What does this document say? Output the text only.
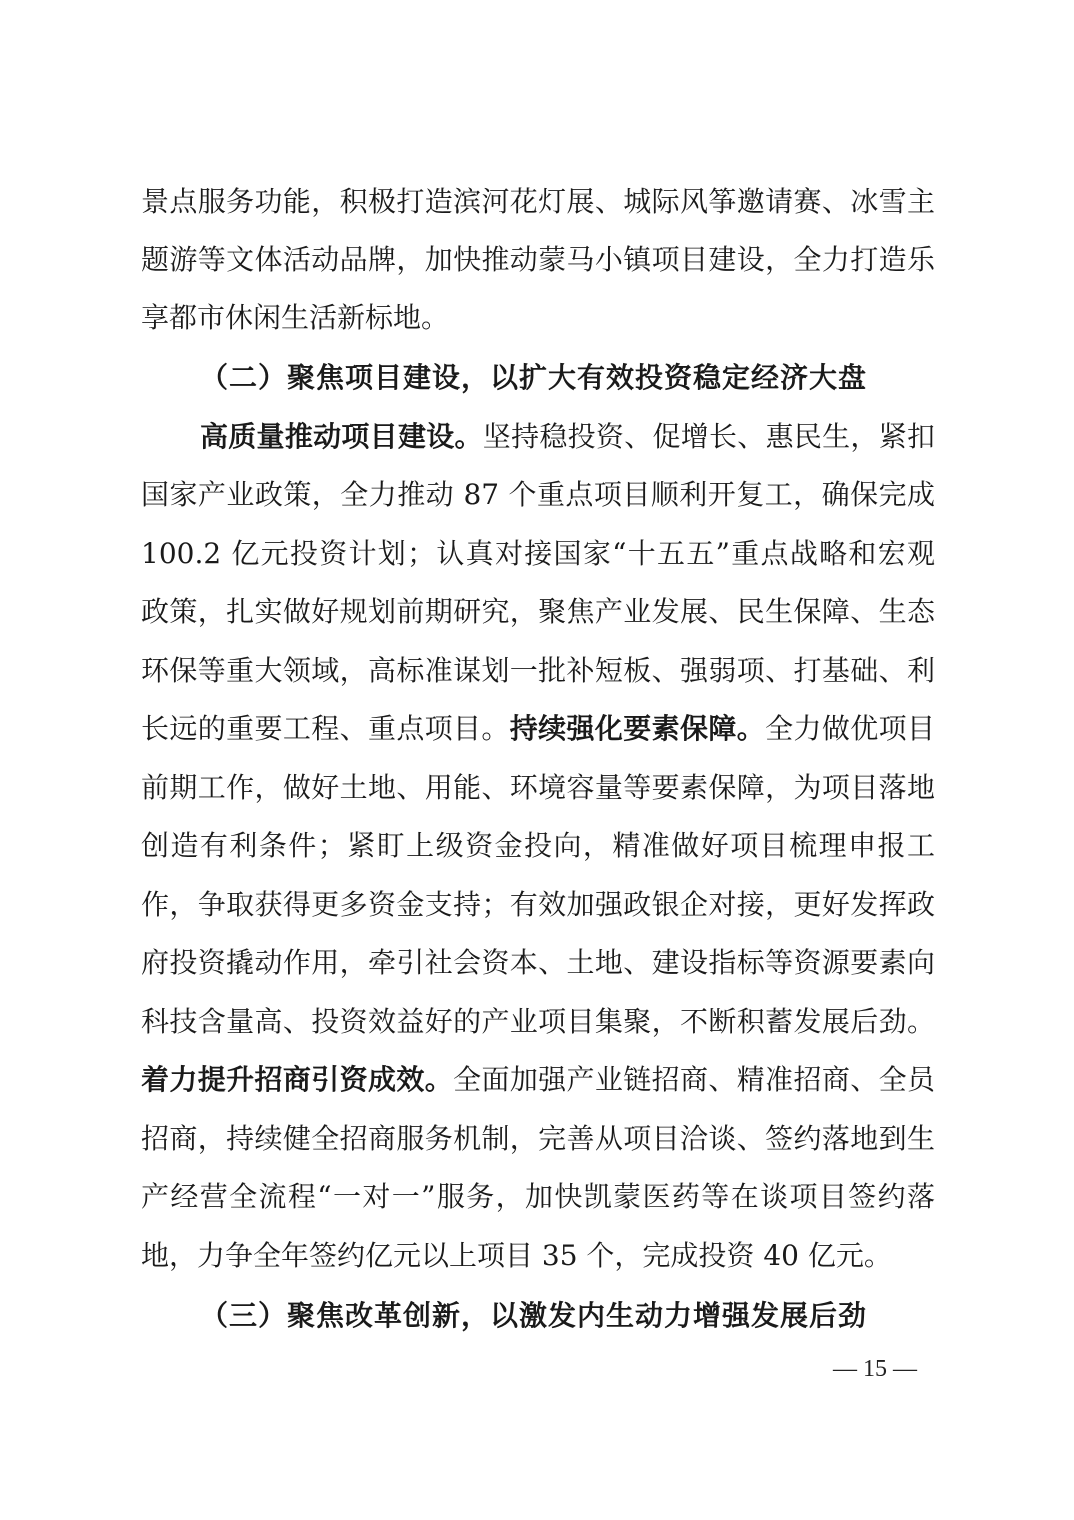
景点服务功能，积极打造滨河花灯展、城际风筝邀请赛、冰雪主
题游等文体活动品牌，加快推动蒙马小镇项目建设，全力打造乐
享都市休闲生活新标地。
（二）聚焦项目建设，以扩大有效投资稳定经济大盘
高质量推动项目建设。坚持稳投资、促增长、惠民生，紧扣
国家产业政策，全力推动 87 个重点项目顺利开复工，确保完成
100.2 亿元投资计划；认真对接国家“十五五”重点战略和宏观
政策，扎实做好规划前期研究，聚焦产业发展、民生保障、生态
环保等重大领域，高标准谋划一批补短板、强弱项、打基础、利
长远的重要工程、重点项目。持续强化要素保障。全力做优项目
前期工作，做好土地、用能、环境容量等要素保障，为项目落地
创造有利条件；紧盯上级资金投向，精准做好项目梳理申报工
作，争取获得更多资金支持；有效加强政银企对接，更好发挥政
府投资撬动作用，牵引社会资本、土地、建设指标等资源要素向
科技含量高、投资效益好的产业项目集聚，不断积蓄发展后劲。
着力提升招商引资成效。全面加强产业链招商、精准招商、全员
招商，持续健全招商服务机制，完善从项目洽谈、签约落地到生
产经营全流程“一对一”服务，加快凯蒙医药等在谈项目签约落
地，力争全年签约亿元以上项目 35 个，完成投资 40 亿元。
（三）聚焦改革创新，以激发内生动力增强发展后劲
— 15 —
